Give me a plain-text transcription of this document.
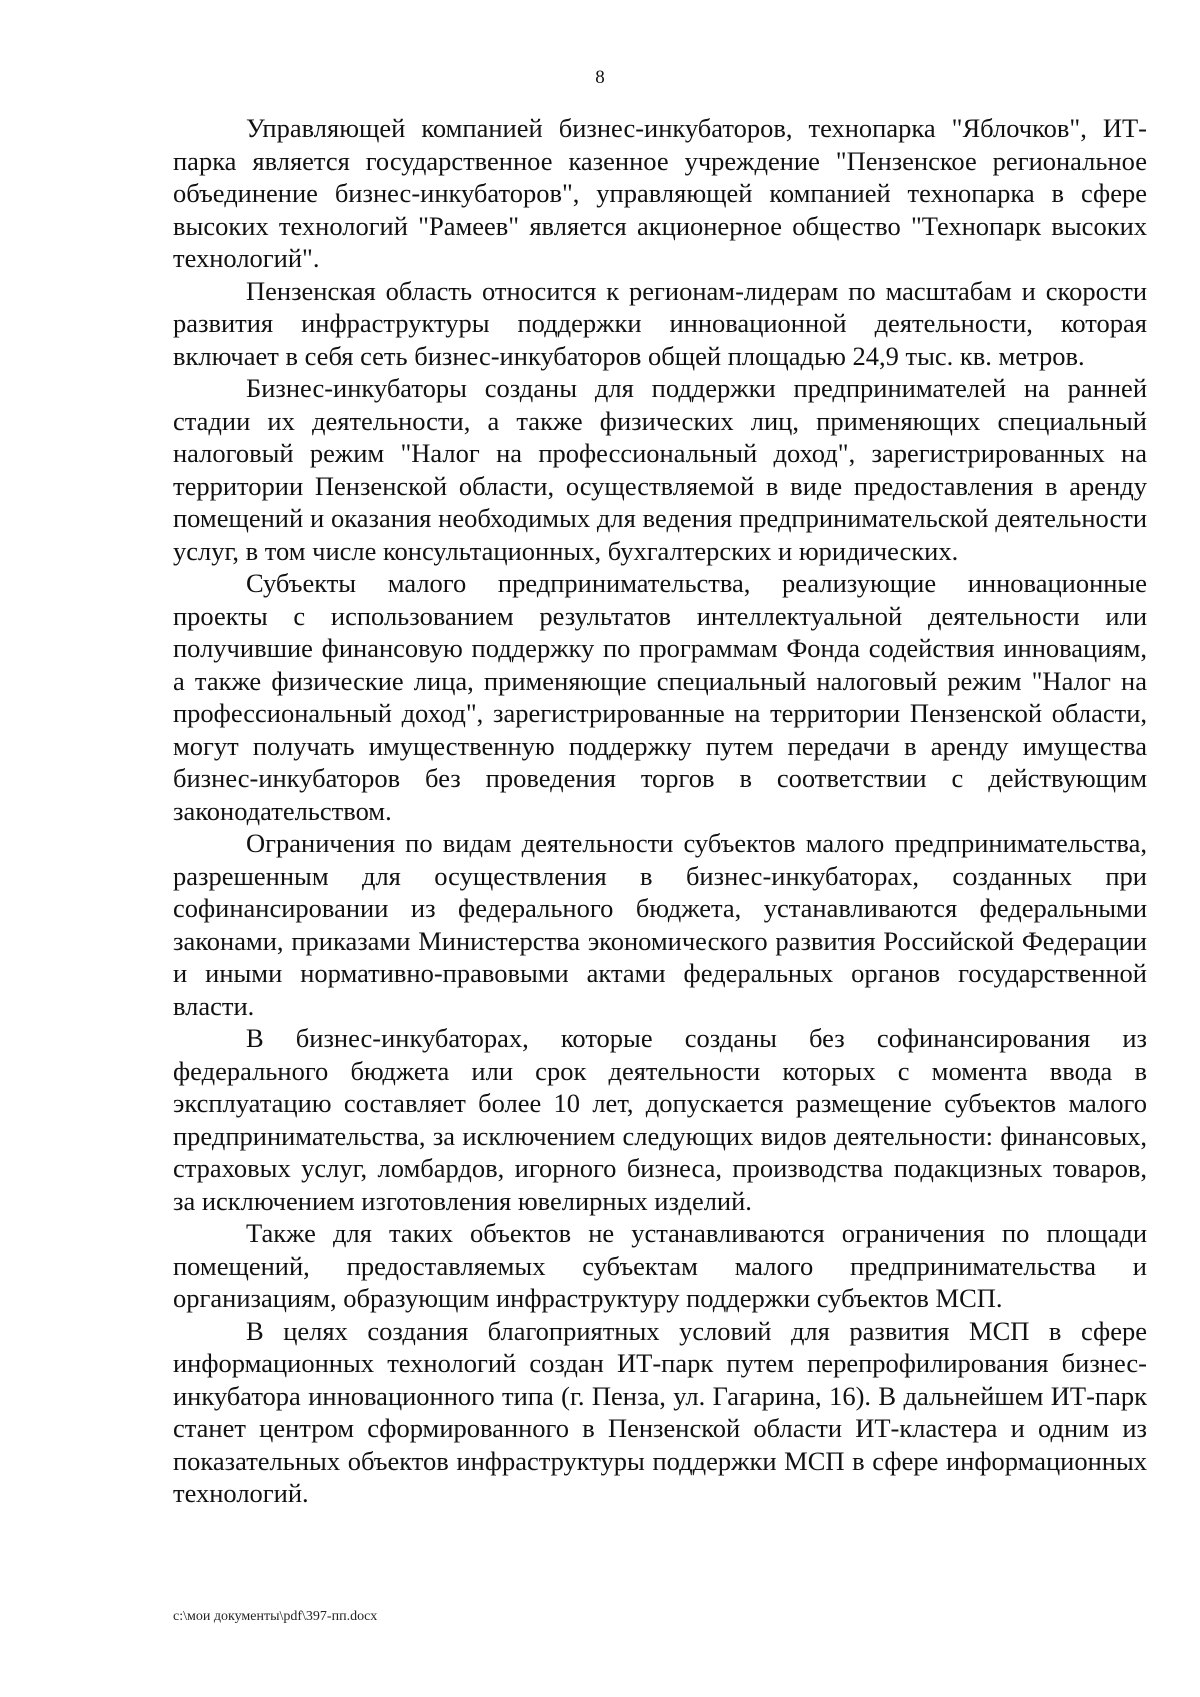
8

Управляющей компанией бизнес-инкубаторов, технопарка "Яблочков", ИТ-парка является государственное казенное учреждение "Пензенское региональное объединение бизнес-инкубаторов", управляющей компанией технопарка в сфере высоких технологий "Рамеев" является акционерное общество "Технопарк высоких технологий".

Пензенская область относится к регионам-лидерам по масштабам и скорости развития инфраструктуры поддержки инновационной деятельности, которая включает в себя сеть бизнес-инкубаторов общей площадью 24,9 тыс. кв. метров.

Бизнес-инкубаторы созданы для поддержки предпринимателей на ранней стадии их деятельности, а также физических лиц, применяющих специальный налоговый режим "Налог на профессиональный доход", зарегистрированных на территории Пензенской области, осуществляемой в виде предоставления в аренду помещений и оказания необходимых для ведения предпринимательской деятельности услуг, в том числе консультационных, бухгалтерских и юридических.

Субъекты малого предпринимательства, реализующие инновационные проекты с использованием результатов интеллектуальной деятельности или получившие финансовую поддержку по программам Фонда содействия инновациям, а также физические лица, применяющие специальный налоговый режим "Налог на профессиональный доход", зарегистрированные на территории Пензенской области, могут получать имущественную поддержку путем передачи в аренду имущества бизнес-инкубаторов без проведения торгов в соответствии с действующим законодательством.

Ограничения по видам деятельности субъектов малого предпринимательства, разрешенным для осуществления в бизнес-инкубаторах, созданных при софинансировании из федерального бюджета, устанавливаются федеральными законами, приказами Министерства экономического развития Российской Федерации и иными нормативно-правовыми актами федеральных органов государственной власти.

В бизнес-инкубаторах, которые созданы без софинансирования из федерального бюджета или срок деятельности которых с момента ввода в эксплуатацию составляет более 10 лет, допускается размещение субъектов малого предпринимательства, за исключением следующих видов деятельности: финансовых, страховых услуг, ломбардов, игорного бизнеса, производства подакцизных товаров, за исключением изготовления ювелирных изделий.

Также для таких объектов не устанавливаются ограничения по площади помещений, предоставляемых субъектам малого предпринимательства и организациям, образующим инфраструктуру поддержки субъектов МСП.

В целях создания благоприятных условий для развития МСП в сфере информационных технологий создан ИТ-парк путем перепрофилирования бизнес-инкубатора инновационного типа (г. Пенза, ул. Гагарина, 16). В дальнейшем ИТ-парк станет центром сформированного в Пензенской области ИТ-кластера и одним из показательных объектов инфраструктуры поддержки МСП в сфере информационных технологий.

c:\мои документы\pdf\397-пп.docx
